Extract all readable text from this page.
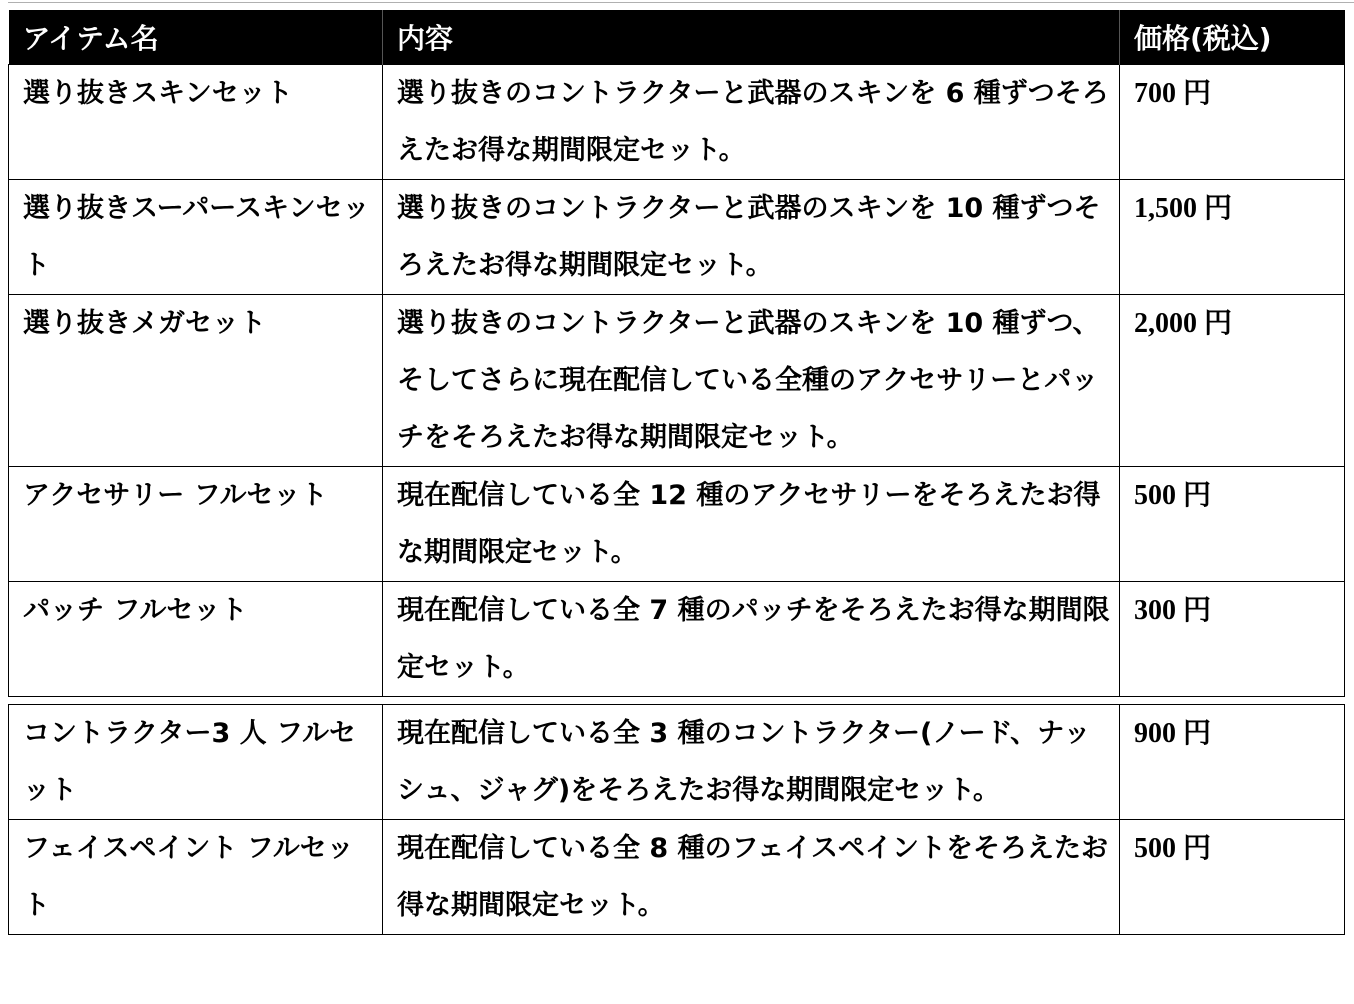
アイテム名	内容	価格(税込)
選り抜きスキンセット	選り抜きのコントラクターと武器のスキンを 6 種ずつそろえたお得な期間限定セット。	700 円
選り抜きスーパースキンセット	選り抜きのコントラクターと武器のスキンを 10 種ずつそろえたお得な期間限定セット。	1,500 円
選り抜きメガセット	選り抜きのコントラクターと武器のスキンを 10 種ずつ、そしてさらに現在配信している全種のアクセサリーとパッチをそろえたお得な期間限定セット。	2,000 円
アクセサリー フルセット	現在配信している全 12 種のアクセサリーをそろえたお得な期間限定セット。	500 円
パッチ フルセット	現在配信している全 7 種のパッチをそろえたお得な期間限定セット。	300 円

コントラクター3 人 フルセット	現在配信している全 3 種のコントラクター(ノード、ナッシュ、ジャグ)をそろえたお得な期間限定セット。	900 円
フェイスペイント フルセット	現在配信している全 8 種のフェイスペイントをそろえたお得な期間限定セット。	500 円
